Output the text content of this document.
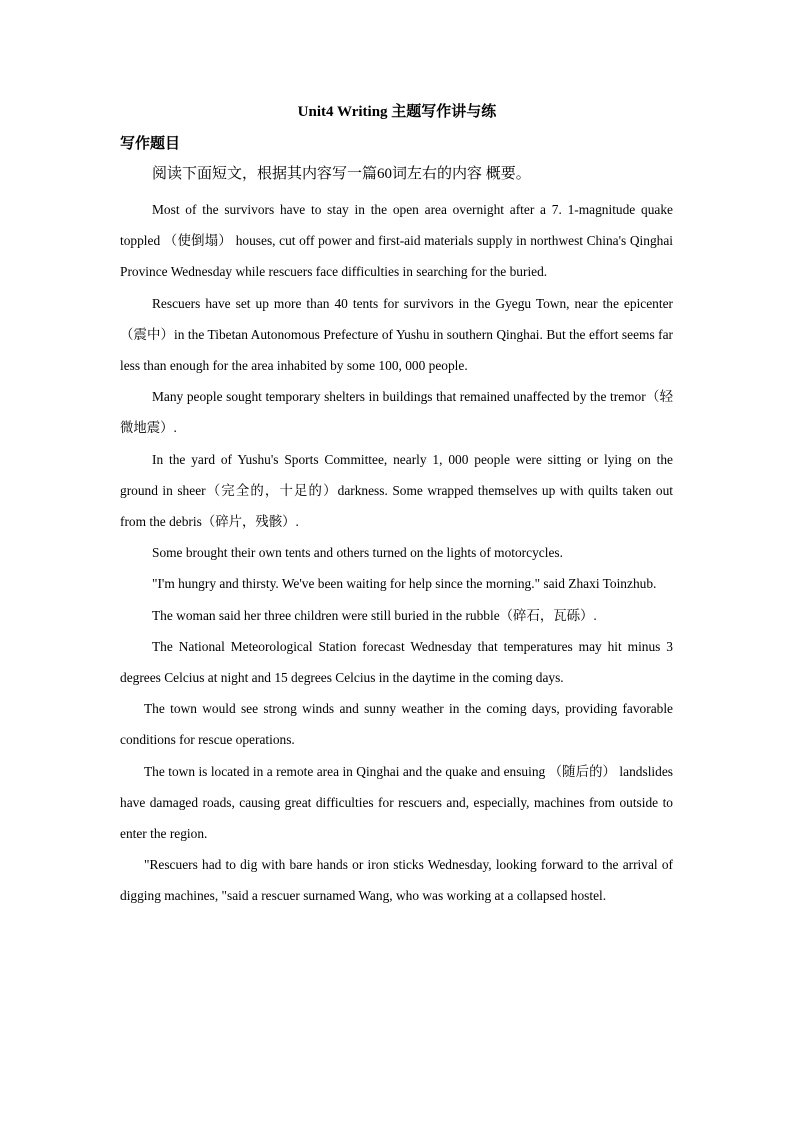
Unit4 Writing 主题写作讲与练
写作题目
阅读下面短文，根据其内容写一篇60词左右的内容 概要。

Most of the survivors have to stay in the open area overnight after a 7. 1-magnitude quake toppled （使倒塌） houses, cut off power and first-aid materials supply in northwest China's Qinghai Province Wednesday while rescuers face difficulties in searching for the buried.

Rescuers have set up more than 40 tents for survivors in the Gyegu Town, near the epicenter （震中）in the Tibetan Autonomous Prefecture of Yushu in southern Qinghai. But the effort seems far less than enough for the area inhabited by some 100, 000 people.

Many people sought temporary shelters in buildings that remained unaffected by the tremor（轻微地震）.

In the yard of Yushu's Sports Committee, nearly 1, 000 people were sitting or lying on the ground in sheer（完全的，十足的）darkness. Some wrapped themselves up with quilts taken out from the debris（碎片，残骸）.

Some brought their own tents and others turned on the lights of motorcycles.

"I'm hungry and thirsty. We've been waiting for help since the morning." said Zhaxi Toinzhub.

The woman said her three children were still buried in the rubble（碎石，瓦砾）.

The National Meteorological Station forecast Wednesday that temperatures may hit minus 3 degrees Celcius at night and 15 degrees Celcius in the daytime in the coming days.

The town would see strong winds and sunny weather in the coming days, providing favorable conditions for rescue operations.

The town is located in a remote area in Qinghai and the quake and ensuing （随后的） landslides have damaged roads, causing great difficulties for rescuers and, especially, machines from outside to enter the region.

"Rescuers had to dig with bare hands or iron sticks Wednesday, looking forward to the arrival of digging machines, "said a rescuer surnamed Wang, who was working at a collapsed hostel.
